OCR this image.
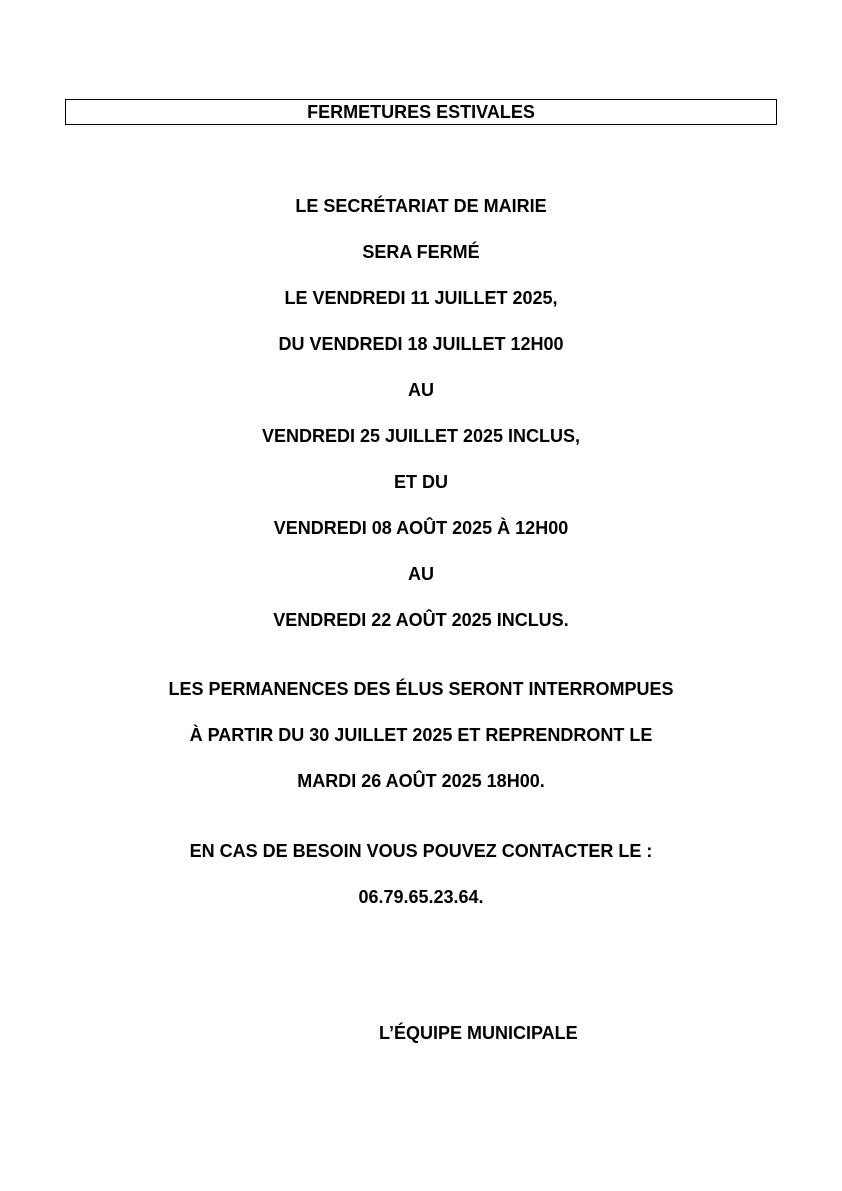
FERMETURES ESTIVALES
LE SECRÉTARIAT DE MAIRIE
SERA FERMÉ
LE VENDREDI 11 JUILLET 2025,
DU VENDREDI 18 JUILLET 12H00
AU
VENDREDI 25 JUILLET 2025 INCLUS,
ET DU
VENDREDI 08 AOÛT 2025 À 12H00
AU
VENDREDI 22 AOÛT 2025 INCLUS.
LES PERMANENCES DES ÉLUS SERONT INTERROMPUES
À PARTIR DU 30 JUILLET 2025 ET REPRENDRONT LE
MARDI 26 AOÛT 2025 18H00.
EN CAS DE BESOIN VOUS POUVEZ CONTACTER LE :
06.79.65.23.64.
L’ÉQUIPE MUNICIPALE
